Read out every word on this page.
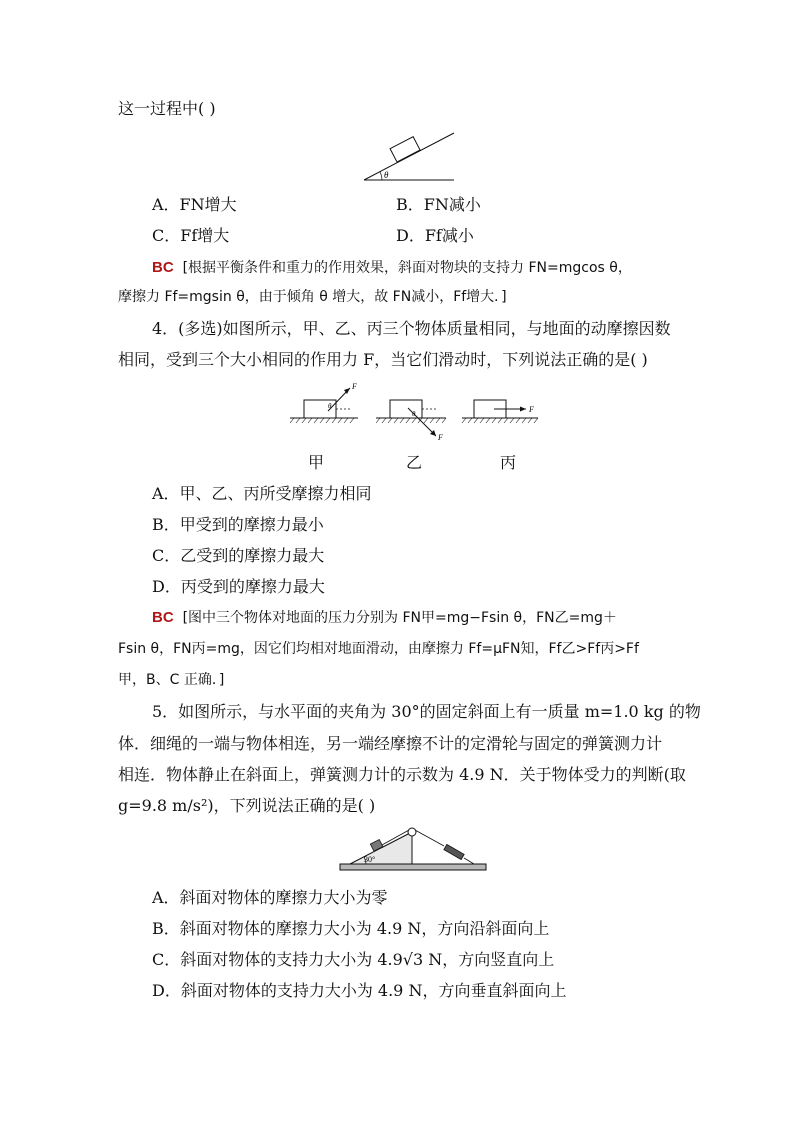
这一过程中( )
θ
A．FN增大	B．FN减小
C．Ff增大	D．Ff减小
BC [根据平衡条件和重力的作用效果，斜面对物块的支持力 FN=mgcos θ，
摩擦力 Ff=mgsin θ，由于倾角 θ 增大，故 FN减小，Ff增大．]
4．(多选)如图所示，甲、乙、丙三个物体质量相同，与地面的动摩擦因数
相同，受到三个大小相同的作用力 F，当它们滑动时，下列说法正确的是( )
F
θ
F
θ	F
甲	乙	丙
A．甲、乙、丙所受摩擦力相同
B．甲受到的摩擦力最小
C．乙受到的摩擦力最大
D．丙受到的摩擦力最大
BC [图中三个物体对地面的压力分别为 FN甲=mg−Fsin θ，FN乙=mg＋
Fsin θ，FN丙=mg，因它们均相对地面滑动，由摩擦力 Ff=μFN知，Ff乙>Ff丙>Ff
甲，B、C 正确．]
5．如图所示，与水平面的夹角为 30°的固定斜面上有一质量 m=1.0 kg 的物
体．细绳的一端与物体相连，另一端经摩擦不计的定滑轮与固定的弹簧测力计
相连．物体静止在斜面上，弹簧测力计的示数为 4.9 N．关于物体受力的判断(取
g=9.8 m/s²)，下列说法正确的是( )
30°
A．斜面对物体的摩擦力大小为零
B．斜面对物体的摩擦力大小为 4.9 N，方向沿斜面向上
C．斜面对物体的支持力大小为 4.9√3 N，方向竖直向上
D．斜面对物体的支持力大小为 4.9 N，方向垂直斜面向上
